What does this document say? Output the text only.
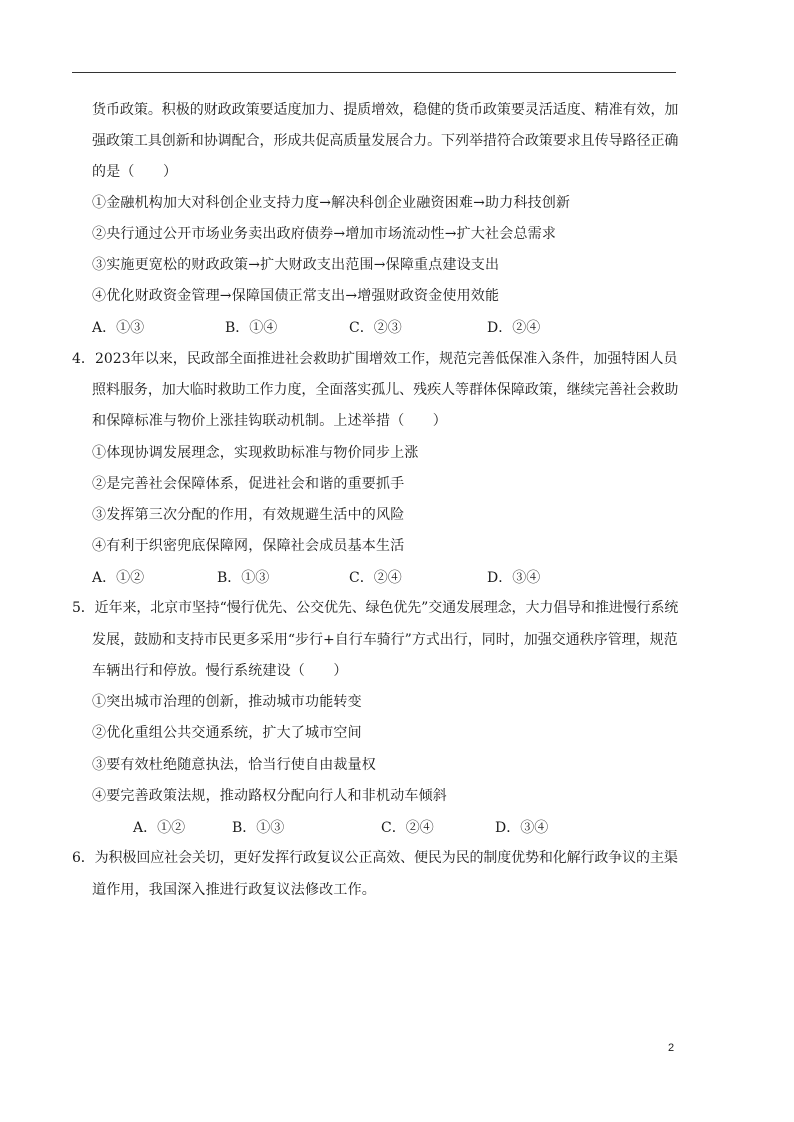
货币政策。积极的财政政策要适度加力、提质增效，稳健的货币政策要灵活适度、精准有效，加
强政策工具创新和协调配合，形成共促高质量发展合力。下列举措符合政策要求且传导路径正确
的是（　　）
①金融机构加大对科创企业支持力度→解决科创企业融资困难→助力科技创新
②央行通过公开市场业务卖出政府债券→增加市场流动性→扩大社会总需求
③实施更宽松的财政政策→扩大财政支出范围→保障重点建设支出
④优化财政资金管理→保障国债正常支出→增强财政资金使用效能
A．①③	B．①④	C．②③	D．②④
4．2023年以来，民政部全面推进社会救助扩围增效工作，规范完善低保准入条件，加强特困人员
照料服务，加大临时救助工作力度，全面落实孤儿、残疾人等群体保障政策，继续完善社会救助
和保障标准与物价上涨挂钩联动机制。上述举措（　　）
①体现协调发展理念，实现救助标准与物价同步上涨
②是完善社会保障体系，促进社会和谐的重要抓手
③发挥第三次分配的作用，有效规避生活中的风险
④有利于织密兜底保障网，保障社会成员基本生活
A．①②	B．①③	C．②④	D．③④
5．近年来，北京市坚持“慢行优先、公交优先、绿色优先”交通发展理念，大力倡导和推进慢行系统
发展，鼓励和支持市民更多采用“步行+自行车骑行”方式出行，同时，加强交通秩序管理，规范
车辆出行和停放。慢行系统建设（　　）
①突出城市治理的创新，推动城市功能转变
②优化重组公共交通系统，扩大了城市空间
③要有效杜绝随意执法，恰当行使自由裁量权
④要完善政策法规，推动路权分配向行人和非机动车倾斜
A．①②	B．①③	C．②④	D．③④
6．为积极回应社会关切，更好发挥行政复议公正高效、便民为民的制度优势和化解行政争议的主渠
道作用，我国深入推进行政复议法修改工作。
2
